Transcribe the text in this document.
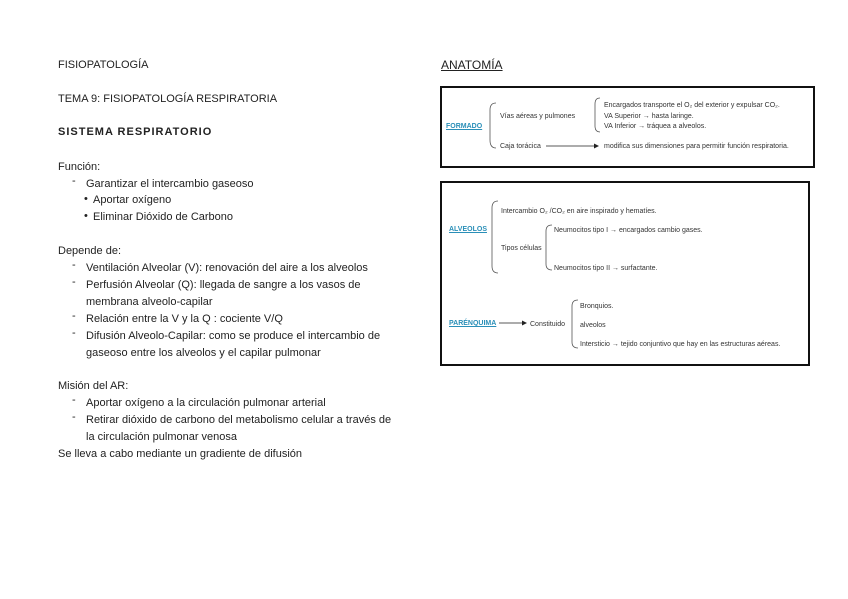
FISIOPATOLOGÍA
TEMA 9: FISIOPATOLOGÍA RESPIRATORIA
SISTEMA RESPIRATORIO
Función:
- Garantizar el intercambio gaseoso
• Aportar oxígeno
• Eliminar Dióxido de Carbono
Depende de:
- Ventilación Alveolar (V): renovación del aire a los alveolos
- Perfusión Alveolar (Q): llegada de sangre a los vasos de
membrana alveolo-capilar
- Relación entre la V y la Q : cociente V/Q
- Difusión Alveolo-Capilar: como se produce el intercambio de
gaseoso entre los alveolos y el capilar pulmonar
Misión del AR:
- Aportar oxígeno a la circulación pulmonar arterial
- Retirar dióxido de carbono del metabolismo celular a través de
la circulación pulmonar venosa
Se lleva a cabo mediante un gradiente de difusión
ANATOMÍA
FORMADO
Vías aéreas y pulmones
Encargados transporte el O₂ del exterior y expulsar CO₂.
VA Superior → hasta laringe.
VA Inferior → tráquea a alveolos.
Caja torácica	modifica sus dimensiones para permitir función respiratoria.
ALVEOLOS
Intercambio O₂ /CO₂ en aire inspirado y hematíes.
Tipos células
Neumocitos tipo I → encargados cambio gases.
Neumocitos tipo II → surfactante.
PARÉNQUIMA	Constituido
Bronquios.
alveolos
Intersticio → tejido conjuntivo que hay en las estructuras aéreas.
